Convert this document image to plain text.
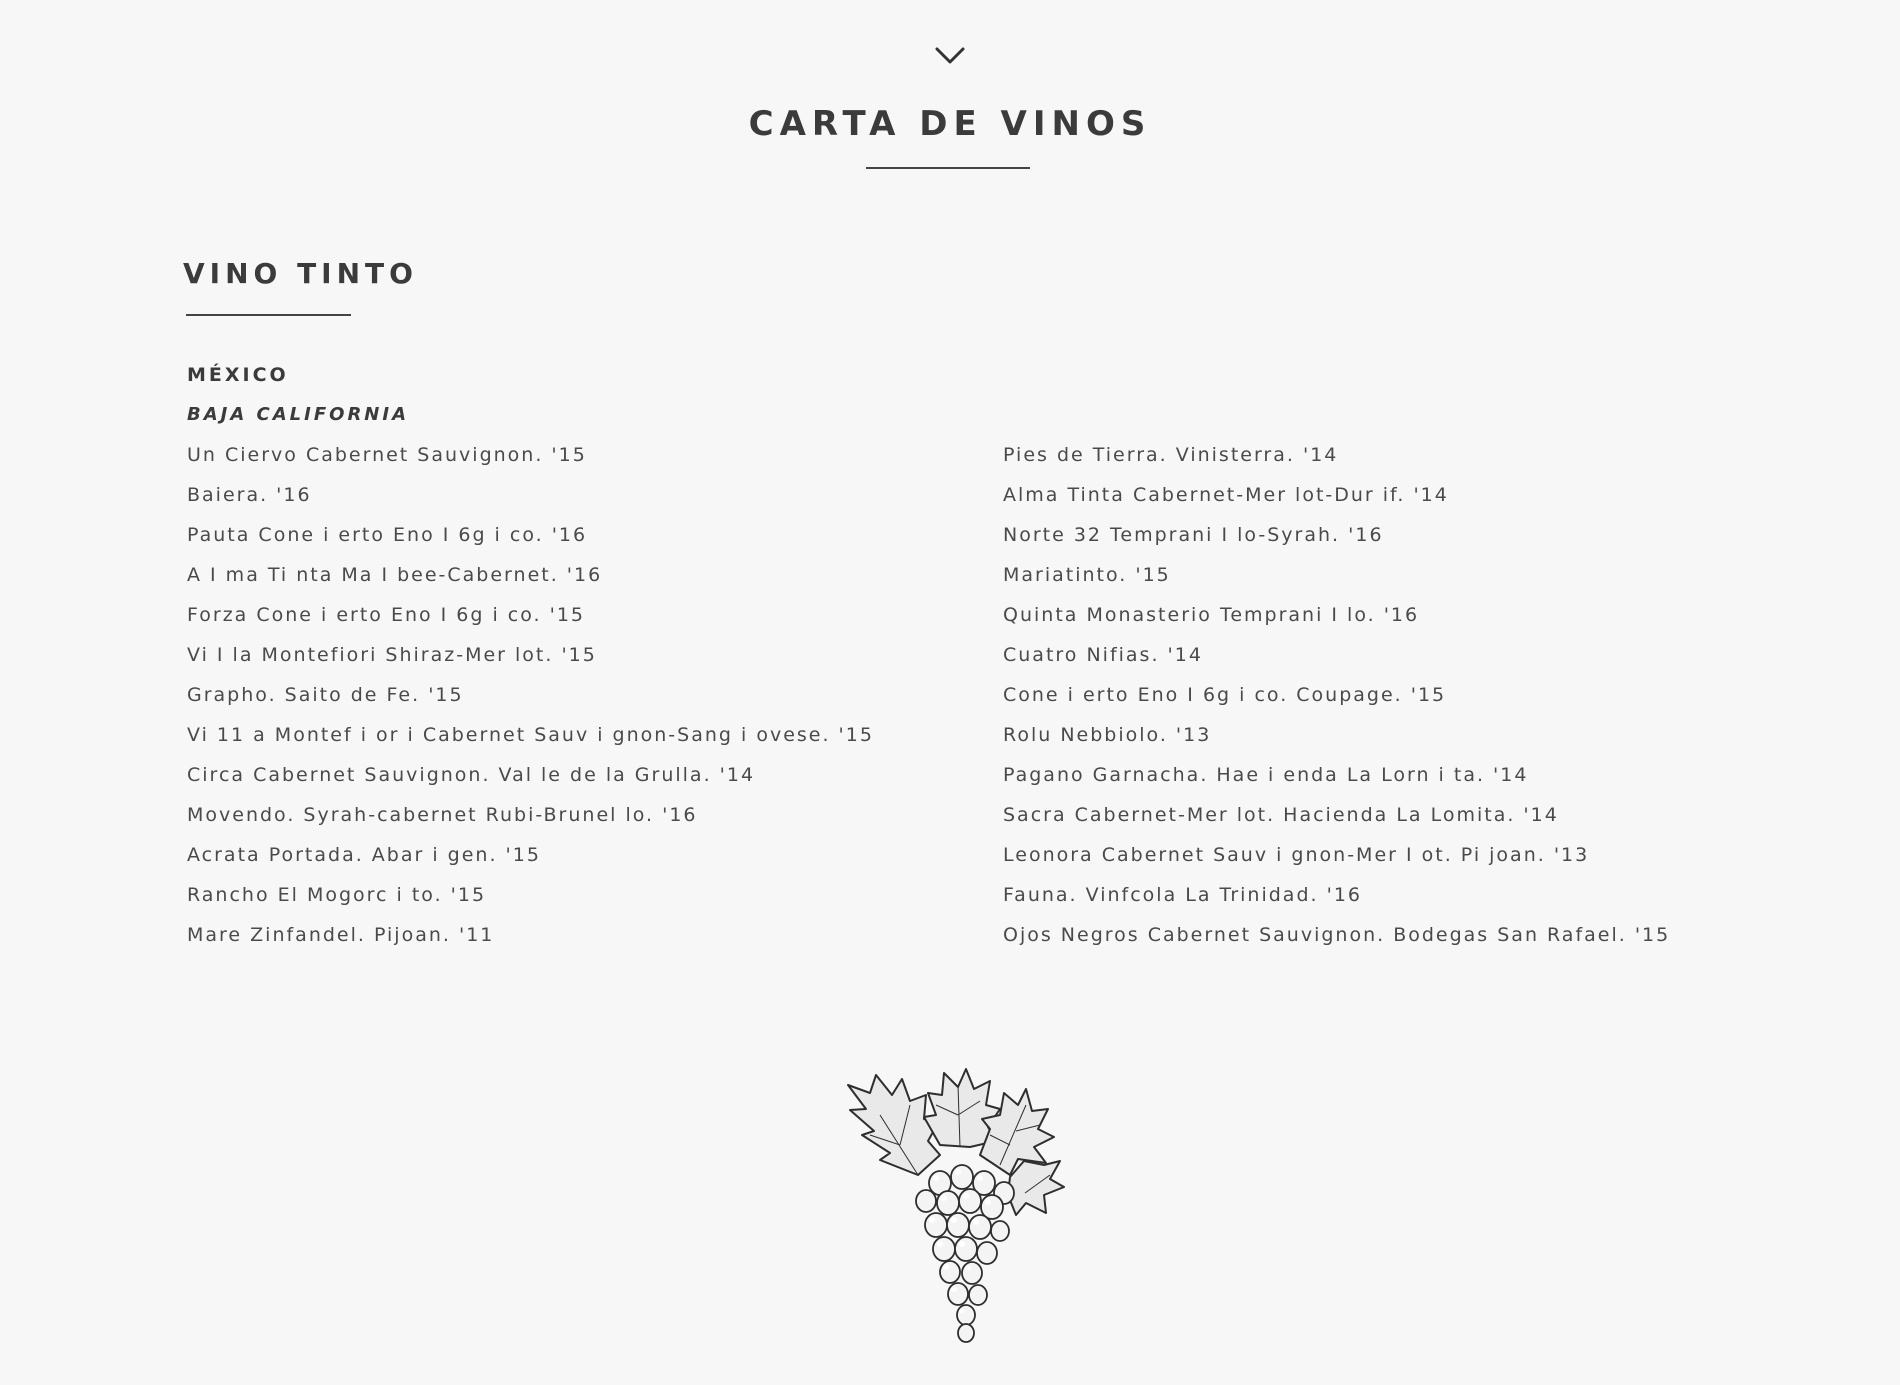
CARTA DE VINOS
VINO TINTO
MÉXICO
BAJA CALIFORNIA
Un Ciervo Cabernet Sauvignon. '15
Baiera. '16
Pauta Cone i erto Eno I 6g i co. '16
A I ma Ti nta Ma I bee-Cabernet. '16
Forza Cone i erto Eno I 6g i co. '15
Vi I la Montefiori Shiraz-Mer lot. '15
Grapho. Saito de Fe. '15
Vi 11 a Montef i or i Cabernet Sauv i gnon-Sang i ovese. '15
Circa Cabernet Sauvignon. Val le de la Grulla. '14
Movendo. Syrah-cabernet Rubi-Brunel lo. '16
Acrata Portada. Abar i gen. '15
Rancho El Mogorc i to. '15
Mare Zinfandel. Pijoan. '11
Pies de Tierra. Vinisterra. '14
Alma Tinta Cabernet-Mer lot-Dur if. '14
Norte 32 Temprani I lo-Syrah. '16
Mariatinto. '15
Quinta Monasterio Temprani I lo. '16
Cuatro Nifias. '14
Cone i erto Eno I 6g i co. Coupage. '15
Rolu Nebbiolo. '13
Pagano Garnacha. Hae i enda La Lorn i ta. '14
Sacra Cabernet-Mer lot. Hacienda La Lomita. '14
Leonora Cabernet Sauv i gnon-Mer I ot. Pi joan. '13
Fauna. Vinfcola La Trinidad. '16
Ojos Negros Cabernet Sauvignon. Bodegas San Rafael. '15
